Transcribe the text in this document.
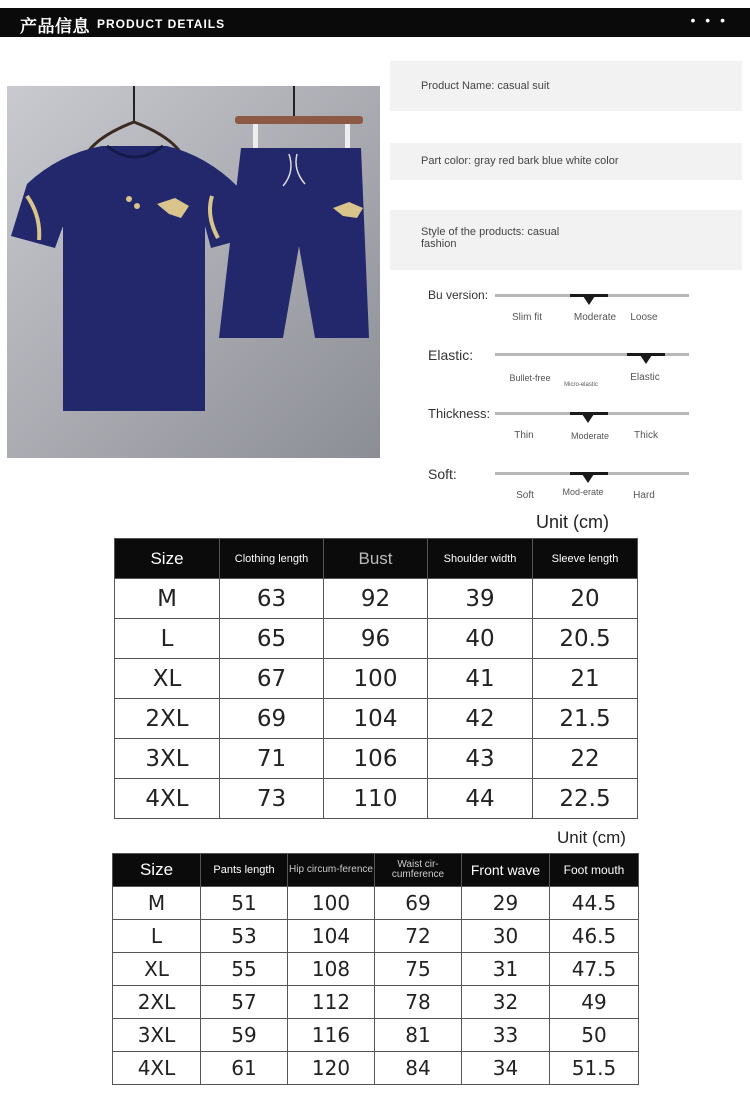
产品信息 PRODUCT DETAILS	• • •
Product Name: casual suit
Part color: gray red bark blue white color
Style of the products: casual fashion
Bu version:
Slim fit	Moderate	Loose
Elastic:
Bullet-free
Micro-elastic
Elastic
Thickness:
Thin	Moderate	Thick
Soft:
Soft	Mod-erate	Hard
Unit (cm)
Size	Clothing length	Bust	Shoulder width	Sleeve length
M	63	92	39	20
L	65	96	40	20.5
XL	67	100	41	21
2XL	69	104	42	21.5
3XL	71	106	43	22
4XL	73	110	44	22.5
Unit (cm)
Size	Pants length	Hip circum-ference	Waist cir-cumference	Front wave	Foot mouth
M	51	100	69	29	44.5
L	53	104	72	30	46.5
XL	55	108	75	31	47.5
2XL	57	112	78	32	49
3XL	59	116	81	33	50
4XL	61	120	84	34	51.5
